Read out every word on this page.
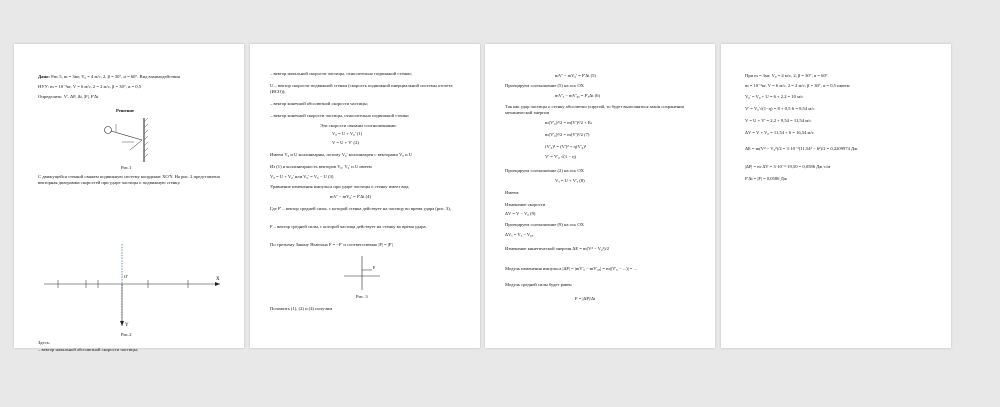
Дано: Рис.5, m = 3мг, V₀ = 4 м/с, 2, β = 30°, α = 60°. Вид взаимодействия
НУУ: m = 10⁻³кг, V = 6 м/с, 2 = 2 м/с, β = 30°, α = 0,5
Определить: V', ΔF, Δt, |F|, F'Δt
Решение
Рис.1
С движущейся стенкой свяжем подвижную систему координат XO'Y. На рис. 2 представлена векторная диаграмма скоростей при ударе частицы о подвижную стенку.
X
Y
O'
Рис.2
Здесь:
– вектор начальной абсолютной скорости частицы;
– вектор начальной скорости частицы, относительно подвижной стенки;
U – вектор скорости подвижной стенки (скорость подвижной инерциальной системы отсчета (ИСО));
– вектор конечной абсолютной скорости частицы;
– вектор конечной скорости частицы, относительно подвижной стенки
Эти скорости связаны соотношениями:
V₀ = U + V₀' (1)
V = U + V' (2)
Имеем V₀ и U коллинеарны, потому V₀' коллинеарен с векторами V₀ и U
Из (1) и коллинеарность векторов V₀, V₀' и U имеем
V₀ = U + V₀' или V₀' = V₀ − U (3)
Уравнение изменения импульса при ударе частицы о стенку имеет вид:
mV' − mV₀' = F'Δt (4)
Где F' – вектор средней силы, с которой стенка действует на частицу во время удара (рис. 3),
F – вектор средней силы, с которой частица действует на стенку во время удара.
По третьему Закону Ньютона F = −F' и соответственно |F| = |F'|
F
Рис. 3
Положить (1), (2) и (4) получим
mV' − mV₀' = F'Δt (5)
Проецируем соотношение (5) на ось OX
mV'ₓ − mV'₀ₓ = F'ₓΔt (6)
Так как удар частицы о стенку абсолютно упругий, то будет выполняться закон сохранения механической энергии
m(V'₀)²/2 = m(V')²/2 + Eₖ
m(V'₀)²/2 = m(V')²/2 (7)
(V'₀)² = (V')² + η(V'₀)²
V' = V'₀ √(1 − η)
Проецируем соотношение (2) на ось OX
Vₓ = U + V'ₓ (8)
Имеем:
Изменение скорости
ΔV = V − V₀ (9)
Проецируем соотношение (9) на ось OX
ΔVₓ = Vₓ − V₀ₓ
Изменение кинетической энергии ΔE = m(V² − V₀²)/2
Модуль изменения импульса |ΔP| = |mV'ₓ − mV'₀ₓ| = m|(V'₀ − ...)| = ...
Модуль средней силы будет равен
F = |ΔP|/Δt
При m = 3мг, V₀ = 4 м/с, 2, β = 30°, α = 60°
m = 10⁻³кг, V = 6 м/с, 2 = 2 м/с, β = 30°, α = 0,5 имеем
V₀' = V₀ + U = 6 + 2,2 = 10 м/с
V' = V₀'√(1−η) = 8 + 0,5·6 = 9,54 м/с
V = U + V' = 2,2 + 9,54 = 11,54 м/с
ΔV = V + V₀ = 11,54 + 6 = 16,54 м/с
ΔE = m(V² − V₀²)/2 = 3·10⁻³(11,54² − 6²)/2 = 0,2209974 Дж
|ΔP| = m·ΔV = 3·10⁻³·19,50 = 0,0586 Дж·с/м
F'Δt = |F| = 0,0586 Дж
